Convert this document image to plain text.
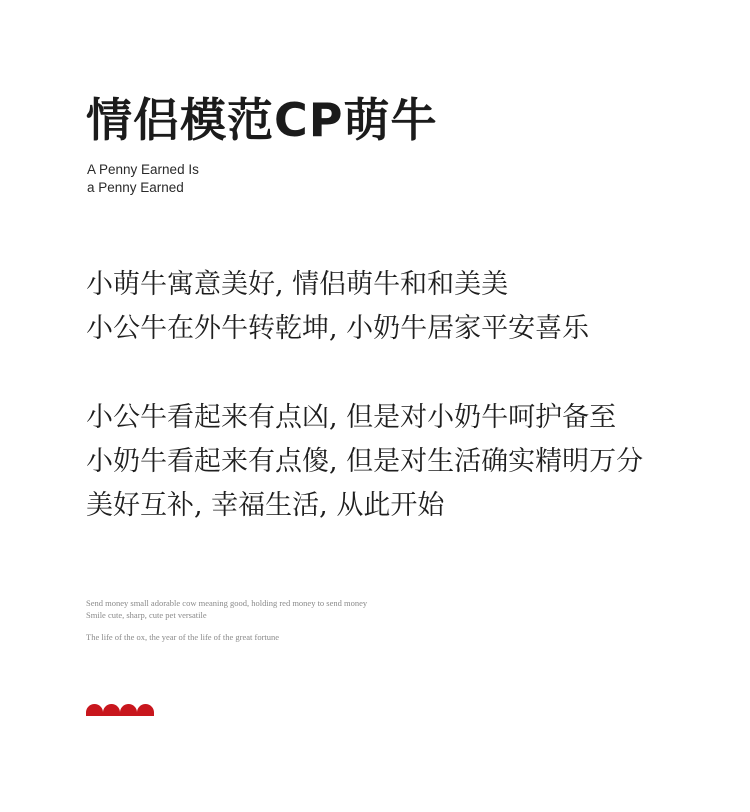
情侣模范CP萌牛
A Penny Earned Is
a Penny Earned
小萌牛寓意美好, 情侣萌牛和和美美
小公牛在外牛转乾坤, 小奶牛居家平安喜乐
小公牛看起来有点凶, 但是对小奶牛呵护备至
小奶牛看起来有点傻, 但是对生活确实精明万分
美好互补, 幸福生活, 从此开始
Send money small adorable cow meaning good, holding red money to send money
Smile cute, sharp, cute pet versatile
The life of the ox, the year of the life of the great fortune
